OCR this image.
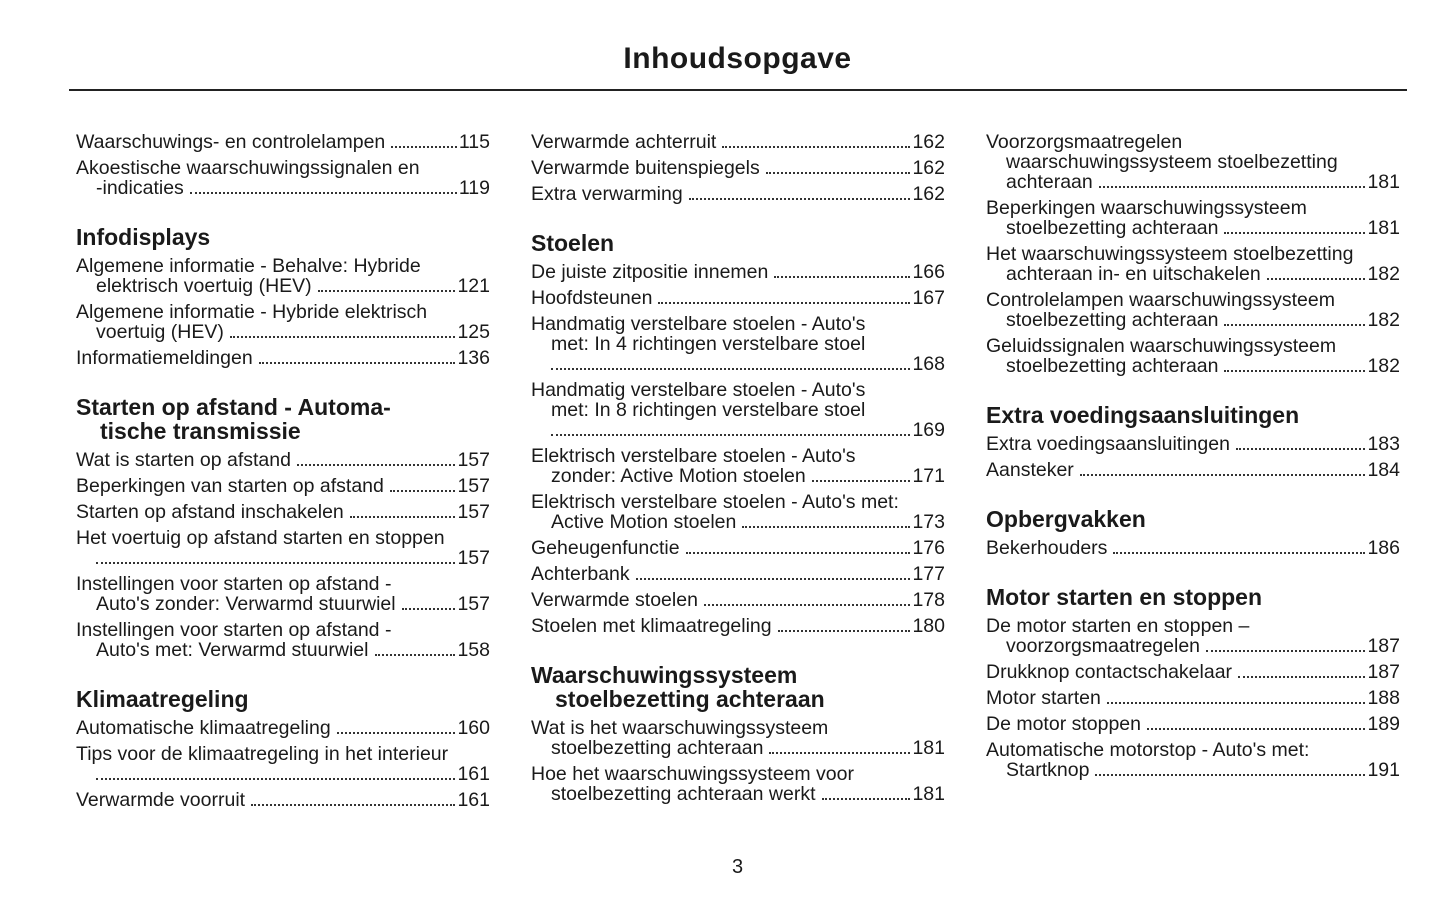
Inhoudsopgave
Waarschuwings- en controlelampen	115
Akoestische waarschuwingssignalen en
-indicaties	119
Infodisplays
Algemene informatie - Behalve: Hybride
elektrisch voertuig (HEV)	121
Algemene informatie - Hybride elektrisch
voertuig (HEV)	125
Informatiemeldingen	136
Starten op afstand - Automa-
tische transmissie
Wat is starten op afstand	157
Beperkingen van starten op afstand	157
Starten op afstand inschakelen	157
Het voertuig op afstand starten en stoppen
157
Instellingen voor starten op afstand -
Auto's zonder: Verwarmd stuurwiel	157
Instellingen voor starten op afstand -
Auto's met: Verwarmd stuurwiel	158
Klimaatregeling
Automatische klimaatregeling	160
Tips voor de klimaatregeling in het interieur
161
Verwarmde voorruit	161
Verwarmde achterruit	162
Verwarmde buitenspiegels	162
Extra verwarming	162
Stoelen
De juiste zitpositie innemen	166
Hoofdsteunen	167
Handmatig verstelbare stoelen - Auto's
met: In 4 richtingen verstelbare stoel
168
Handmatig verstelbare stoelen - Auto's
met: In 8 richtingen verstelbare stoel
169
Elektrisch verstelbare stoelen - Auto's
zonder: Active Motion stoelen	171
Elektrisch verstelbare stoelen - Auto's met:
Active Motion stoelen	173
Geheugenfunctie	176
Achterbank	177
Verwarmde stoelen	178
Stoelen met klimaatregeling	180
Waarschuwingssysteem
stoelbezetting achteraan
Wat is het waarschuwingssysteem
stoelbezetting achteraan	181
Hoe het waarschuwingssysteem voor
stoelbezetting achteraan werkt	181
Voorzorgsmaatregelen
waarschuwingssysteem stoelbezetting
achteraan	181
Beperkingen waarschuwingssysteem
stoelbezetting achteraan	181
Het waarschuwingssysteem stoelbezetting
achteraan in- en uitschakelen	182
Controlelampen waarschuwingssysteem
stoelbezetting achteraan	182
Geluidssignalen waarschuwingssysteem
stoelbezetting achteraan	182
Extra voedingsaansluitingen
Extra voedingsaansluitingen	183
Aansteker	184
Opbergvakken
Bekerhouders	186
Motor starten en stoppen
De motor starten en stoppen –
voorzorgsmaatregelen	187
Drukknop contactschakelaar	187
Motor starten	188
De motor stoppen	189
Automatische motorstop - Auto's met:
Startknop	191
3
